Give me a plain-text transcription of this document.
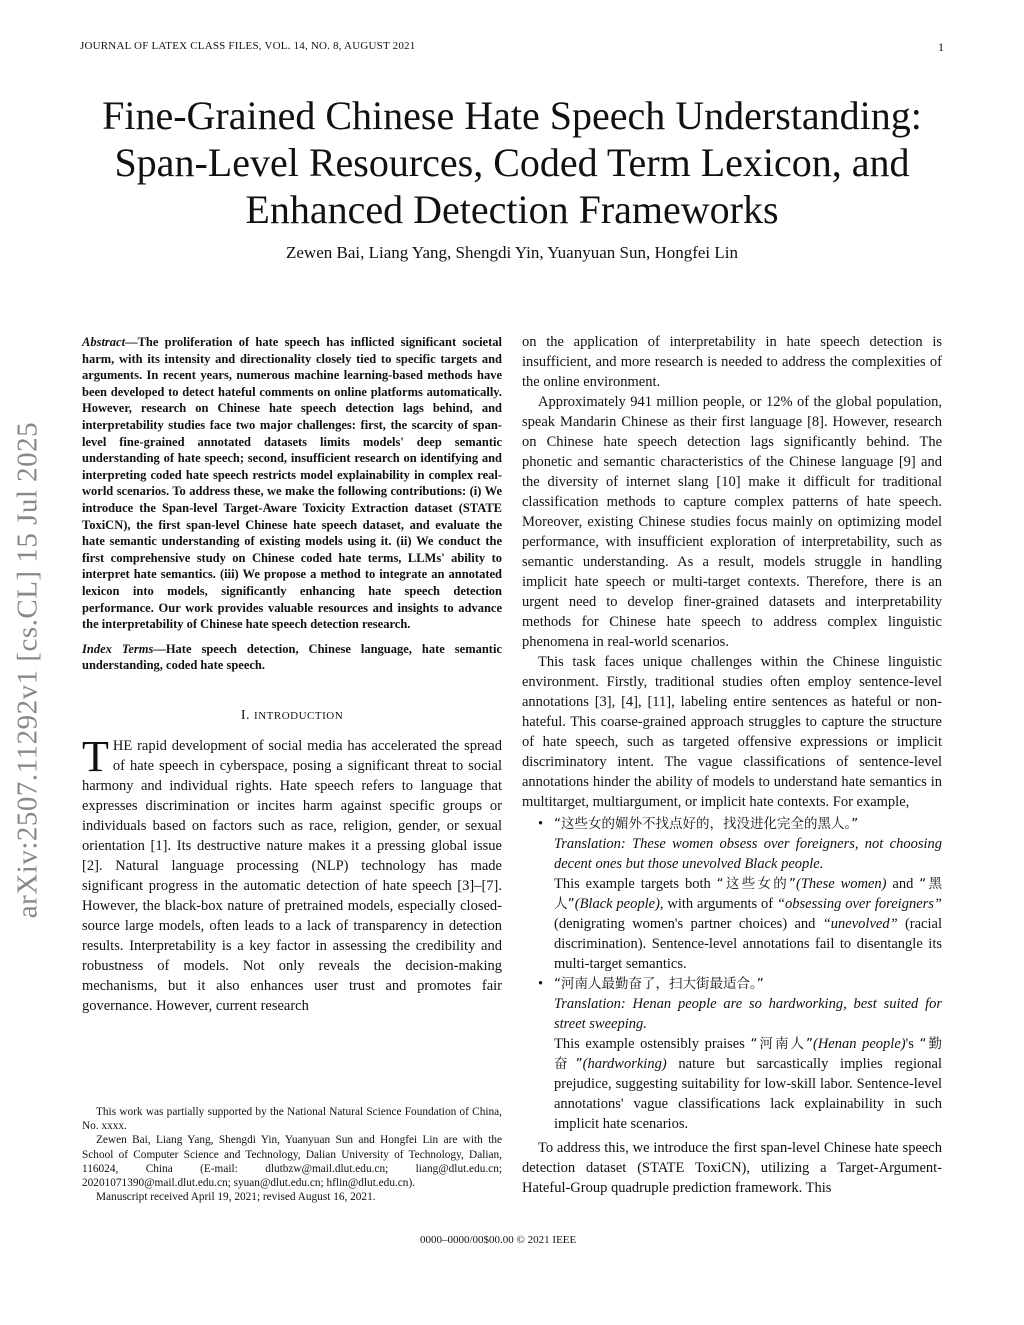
JOURNAL OF LATEX CLASS FILES, VOL. 14, NO. 8, AUGUST 2021	1
Fine-Grained Chinese Hate Speech Understanding:
Span-Level Resources, Coded Term Lexicon, and
Enhanced Detection Frameworks
Zewen Bai, Liang Yang, Shengdi Yin, Yuanyuan Sun, Hongfei Lin
arXiv:2507.11292v1 [cs.CL] 15 Jul 2025

Abstract—The proliferation of hate speech has inflicted significant societal harm, with its intensity and directionality closely tied to specific targets and arguments. In recent years, numerous machine learning-based methods have been developed to detect hateful comments on online platforms automatically. However, research on Chinese hate speech detection lags behind, and interpretability studies face two major challenges: first, the scarcity of span-level fine-grained annotated datasets limits models' deep semantic understanding of hate speech; second, insufficient research on identifying and interpreting coded hate speech restricts model explainability in complex real-world scenarios. To address these, we make the following contributions: (i) We introduce the Span-level Target-Aware Toxicity Extraction dataset (STATE ToxiCN), the first span-level Chinese hate speech dataset, and evaluate the hate semantic understanding of existing models using it. (ii) We conduct the first comprehensive study on Chinese coded hate terms, LLMs' ability to interpret hate semantics. (iii) We propose a method to integrate an annotated lexicon into models, significantly enhancing hate speech detection performance. Our work provides valuable resources and insights to advance the interpretability of Chinese hate speech detection research.

Index Terms—Hate speech detection, Chinese language, hate semantic understanding, coded hate speech.

I. INTRODUCTION

THE rapid development of social media has accelerated the spread of hate speech in cyberspace, posing a significant threat to social harmony and individual rights. Hate speech refers to language that expresses discrimination or incites harm against specific groups or individuals based on factors such as race, religion, gender, or sexual orientation [1]. Its destructive nature makes it a pressing global issue [2]. Natural language processing (NLP) technology has made significant progress in the automatic detection of hate speech [3]–[7]. However, the black-box nature of pretrained models, especially closed-source large models, often leads to a lack of transparency in detection results. Interpretability is a key factor in assessing the credibility and robustness of models. Not only reveals the decision-making mechanisms, but it also enhances user trust and promotes fair governance. However, current research

This work was partially supported by the National Natural Science Foundation of China, No. xxxx.

Zewen Bai, Liang Yang, Shengdi Yin, Yuanyuan Sun and Hongfei Lin are with the School of Computer Science and Technology, Dalian University of Technology, Dalian, 116024, China (E-mail: dlutbzw@mail.dlut.edu.cn; liang@dlut.edu.cn; 20201071390@mail.dlut.edu.cn; syuan@dlut.edu.cn; hflin@dlut.edu.cn).

Manuscript received April 19, 2021; revised August 16, 2021.

on the application of interpretability in hate speech detection is insufficient, and more research is needed to address the complexities of the online environment.

Approximately 941 million people, or 12% of the global population, speak Mandarin Chinese as their first language [8]. However, research on Chinese hate speech detection lags significantly behind. The phonetic and semantic characteristics of the Chinese language [9] and the diversity of internet slang [10] make it difficult for traditional classification methods to capture complex patterns of hate speech. Moreover, existing Chinese studies focus mainly on optimizing model performance, with insufficient exploration of interpretability, such as semantic understanding. As a result, models struggle in handling implicit hate speech or multi-target contexts. Therefore, there is an urgent need to develop finer-grained datasets and interpretability methods for Chinese hate speech to address complex linguistic phenomena in real-world scenarios.

This task faces unique challenges within the Chinese linguistic environment. Firstly, traditional studies often employ sentence-level annotations [3], [4], [11], labeling entire sentences as hateful or non-hateful. This coarse-grained approach struggles to capture the structure of hate speech, such as targeted offensive expressions or implicit discriminatory intent. The vague classifications of sentence-level annotations hinder the ability of models to understand hate semantics in multitarget, multiargument, or implicit hate contexts. For example,

• “这些女的媚外不找点好的，找没进化完全的黑人。”
Translation: These women obsess over foreigners, not choosing decent ones but those unevolved Black people.
This example targets both “这些女的”(These women) and “黑人”(Black people), with arguments of “obsessing over foreigners” (denigrating women's partner choices) and “unevolved” (racial discrimination). Sentence-level annotations fail to disentangle its multi-target semantics.
• “河南人最勤奋了，扫大街最适合。”
Translation: Henan people are so hardworking, best suited for street sweeping.
This example ostensibly praises “河南人”(Henan people)'s “勤奋”(hardworking) nature but sarcastically implies regional prejudice, suggesting suitability for low-skill labor. Sentence-level annotations' vague classifications lack explainability in such implicit hate scenarios.

To address this, we introduce the first span-level Chinese hate speech detection dataset (STATE ToxiCN), utilizing a Target-Argument-Hateful-Group quadruple prediction framework. This

0000–0000/00$00.00 © 2021 IEEE
